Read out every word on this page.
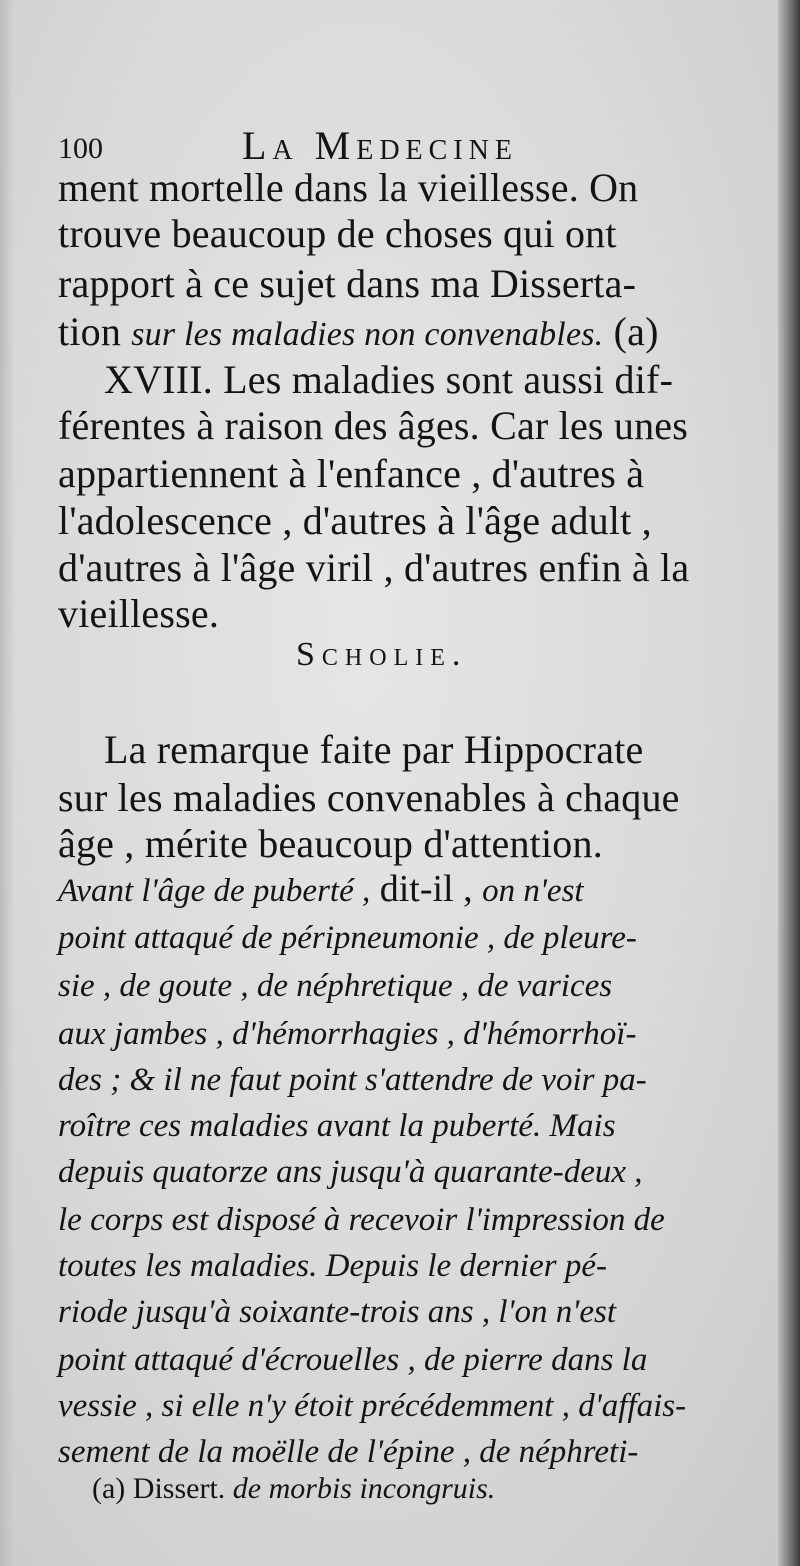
100	La Medecine
ment mortelle dans la vieillesse. On
trouve beaucoup de choses qui ont
rapport à ce sujet dans ma Disserta-
tion sur les maladies non convenables. (a)
XVIII. Les maladies sont aussi dif-
férentes à raison des âges. Car les unes
appartiennent à l'enfance , d'autres à
l'adolescence , d'autres à l'âge adult ,
d'autres à l'âge viril , d'autres enfin à la
vieillesse.
Scholie.
La remarque faite par Hippocrate
sur les maladies convenables à chaque
âge , mérite beaucoup d'attention.
Avant l'âge de puberté , dit-il , on n'est
point attaqué de péripneumonie , de pleure-
sie , de goute , de néphretique , de varices
aux jambes , d'hémorrhagies , d'hémorrhoï-
des ; & il ne faut point s'attendre de voir pa-
roître ces maladies avant la puberté. Mais
depuis quatorze ans jusqu'à quarante-deux ,
le corps est disposé à recevoir l'impression de
toutes les maladies. Depuis le dernier pé-
riode jusqu'à soixante-trois ans , l'on n'est
point attaqué d'écrouelles , de pierre dans la
vessie , si elle n'y étoit précédemment , d'affais-
sement de la moëlle de l'épine , de néphreti-
(a) Dissert. de morbis incongruis.
